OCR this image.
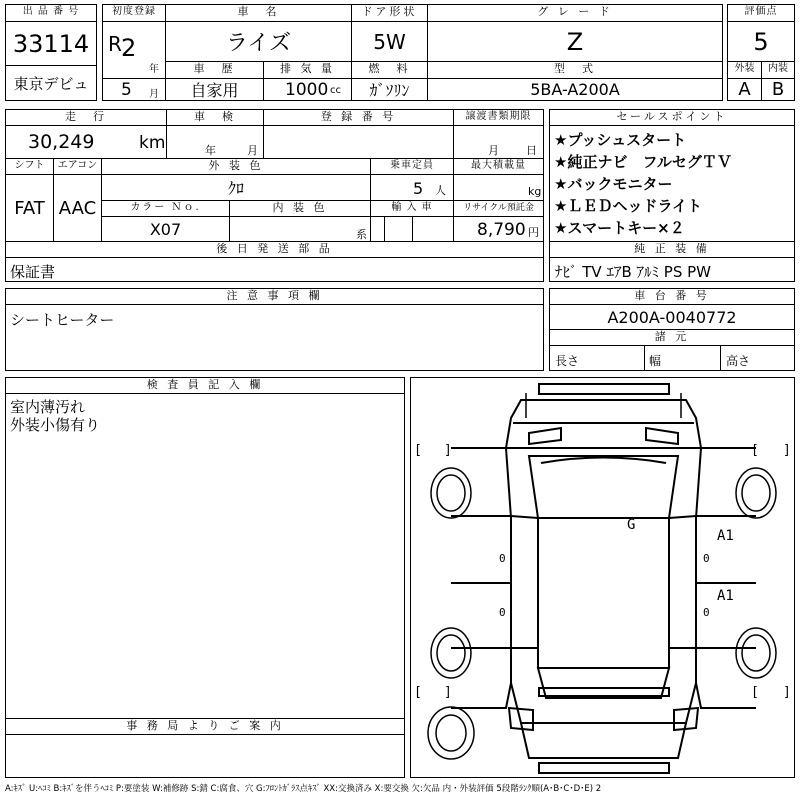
出 品 番 号
33114
東京デビュ
初度登録
R 2
年
5 月
車　名
ライズ
車　歴
自家用
排 気 量
1000 cc
ドア形状
5W
燃　料
ｶﾞｿﾘﾝ
グ レ ー ド
Z
型　式
5BA-A200A
評価点
5
外装	内装
A	B
走　行
30,249	km
車　検
年	月
登 録 番 号	譲渡書類期限
月 日
シフト
FAT
エアコン
AAC
外 装 色
ｸﾛ
乗車定員
5 人
最大積載量
kg
カラー Ｎｏ.
X07
内 装 色
系
輸 入 車	リサイクル預託金
8,790 円
後 日 発 送 部 品
保証書
セールスポイント
★プッシュスタート
★純正ナビ　フルセグＴＶ
★バックモニター
★ＬＥＤヘッドライト
★スマートキー×２
純 正 装 備
ﾅﾋﾞ TV ｴｱB ｱﾙﾐ PS PW
注 意 事 項 欄
シートヒーター
車 台 番 号
A200A-0040772
諸 元
長さ	幅	高さ
検 査 員 記 入 欄
室内薄汚れ
外装小傷有り
事 務 局 よ り ご 案 内
G
A1
A1
0
0
0
0
[ ]	[ ]
[ ]	[ ]
A:ｷｽﾞ U:ﾍｺﾐ B:ｷｽﾞを伴うﾍｺﾐ P:要塗装 W:補修跡 S:錆 C:腐食、穴 G:ﾌﾛﾝﾄｶﾞﾗｽ点ｷｽﾞ XX:交換済み X:要交換 欠:欠品 内・外装評価 5段階ﾗﾝｸ順(A･B･C･D･E) 2
